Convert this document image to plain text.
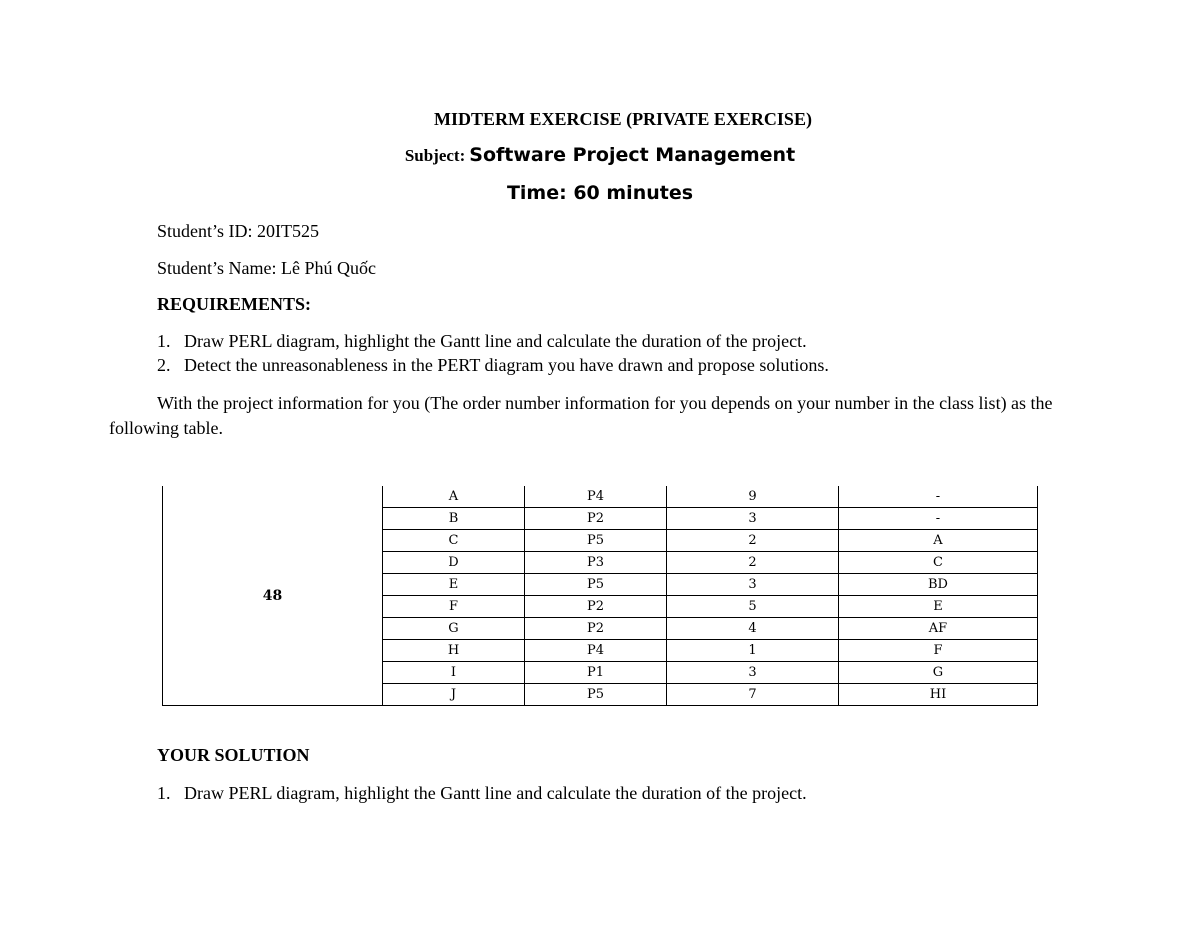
MIDTERM EXERCISE (PRIVATE EXERCISE)
Subject: Software Project Management
Time: 60 minutes
Student’s ID: 20IT525
Student’s Name: Lê Phú Quốc
REQUIREMENTS:
1. Draw PERL diagram, highlight the Gantt line and calculate the duration of the project.
2. Detect the unreasonableness in the PERT diagram you have drawn and propose solutions.
With the project information for you (The order number information for you depends on your number in the class list) as the following table.
48	A	P4	9	-
	B	P2	3	-
	C	P5	2	A
	D	P3	2	C
	E	P5	3	BD
	F	P2	5	E
	G	P2	4	AF
	H	P4	1	F
	I	P1	3	G
	J	P5	7	HI
YOUR SOLUTION
1. Draw PERL diagram, highlight the Gantt line and calculate the duration of the project.
